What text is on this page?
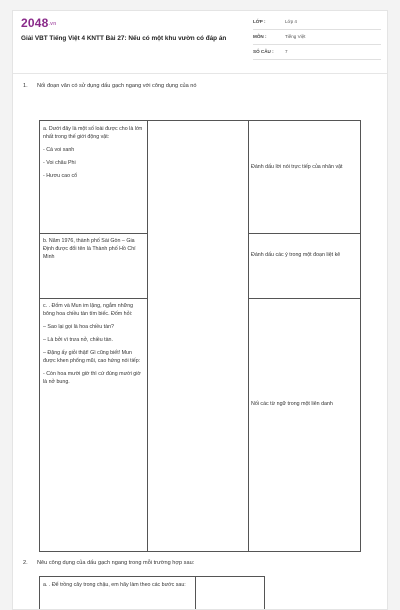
2048.vn
Giải VBT Tiếng Việt 4 KNTT Bài 27: Nếu có một khu vườn có đáp án
LỚP :	Lớp 4
MÔN :	Tiếng Việt
SỐ CÂU : 7
1. Nối đoạn văn có sử dụng dấu gạch ngang với công dụng của nó

a. Dưới đây là một số loài được cho là lớn nhất trong thế giới động vật:

- Cá voi xanh

- Voi châu Phi

- Hươu cao cổ

b. Năm 1976, thành phố Sài Gòn – Gia Định được đổi tên là Thành phố Hồ Chí Minh

c. . Đốm và Mun im lặng, ngắm những bông hoa chiều tàn tím biếc. Đốm hỏi:

– Sao lại gọi là hoa chiều tàn?

– Là bởi vì trưa nở, chiều tàn.

– Đặng ấy giỏi thật! Gì cũng biết! Mun được khen phổng mũi, cao hứng nói tiếp:

- Còn hoa mười giờ thì cứ đúng mười giờ là nở bung.

Đánh dấu lời nói trực tiếp của nhân vật

Đánh dấu các ý trong một đoạn liệt kê

Nối các từ ngữ trong một liên danh

2. Nêu công dụng của dấu gạch ngang trong mỗi trường hợp sau:

a. . Để trồng cây trong chậu, em hãy làm theo các bước sau:
